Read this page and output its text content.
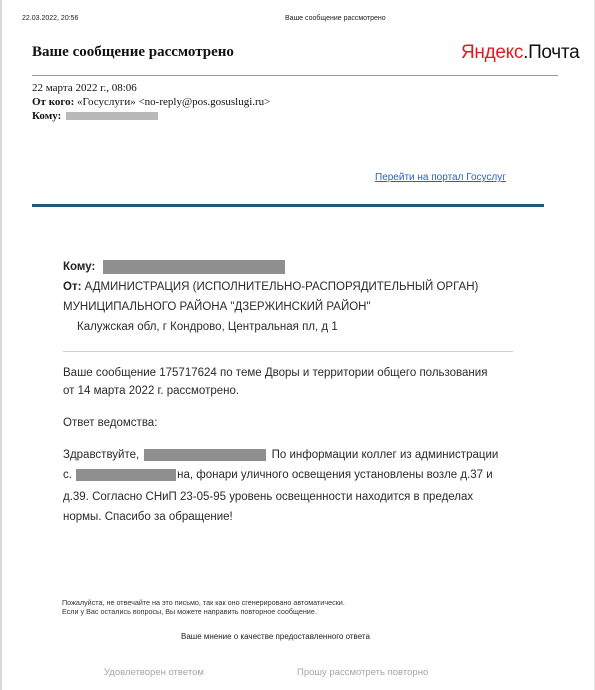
22.03.2022, 20:56	Ваше сообщение рассмотрено
Ваше сообщение рассмотрено	Яндекс.Почта
22 марта 2022 г., 08:06
От кого: «Госуслуги» <no-reply@pos.gosuslugi.ru>
Кому:
Перейти на портал Госуслуг
Кому:
От: АДМИНИСТРАЦИЯ (ИСПОЛНИТЕЛЬНО-РАСПОРЯДИТЕЛЬНЫЙ ОРГАН)
МУНИЦИПАЛЬНОГО РАЙОНА "ДЗЕРЖИНСКИЙ РАЙОН"
Калужская обл, г Кондрово, Центральная пл, д 1
Ваше сообщение 175717624 по теме Дворы и территории общего пользования
от 14 марта 2022 г. рассмотрено.
Ответ ведомства:
Здравствуйте,	По информации коллег из администрации
с.	на, фонари уличного освещения установлены возле д.37 и
д.39. Согласно СНиП 23-05-95 уровень освещенности находится в пределах
нормы. Спасибо за обращение!
Пожалуйста, не отвечайте на это письмо, так как оно сгенерировано автоматически.
Если у Вас остались вопросы, Вы можете направить повторное сообщение.
Ваше мнение о качестве предоставленного ответа
Удовлетворен ответом	Прошу рассмотреть повторно
